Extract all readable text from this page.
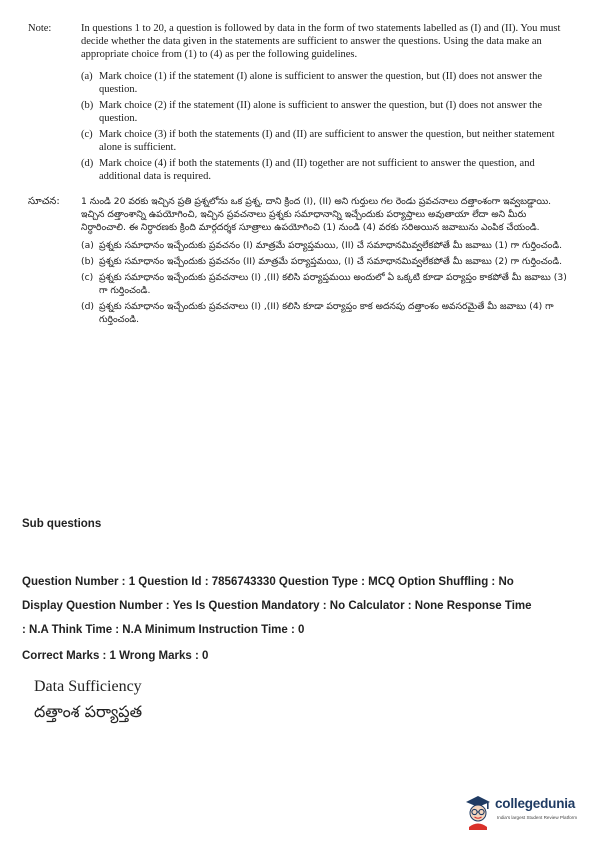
Note:	In questions 1 to 20, a question is followed by data in the form of two statements labelled as (I) and (II). You must decide whether the data given in the statements are sufficient to answer the questions. Using the data make an appropriate choice from (1) to (4) as per the following guidelines.

(a) Mark choice (1) if the statement (I) alone is sufficient to answer the question, but (II) does not answer the question.
(b) Mark choice (2) if the statement (II) alone is sufficient to answer the question, but (I) does not answer the question.
(c) Mark choice (3) if both the statements (I) and (II) are sufficient to answer the question, but neither statement alone is sufficient.
(d) Mark choice (4) if both the statements (I) and (II) together are not sufficient to answer the question, and additional data is required.
సూచన:	1 నుండి 20 వరకు ఇచ్చిన ప్రతి ప్రశ్నలోను ఒక ప్రశ్న, దాని క్రింద (I), (II) అని గుర్తులు గల రెండు ప్రవచనాలు దత్తాంశంగా ఇవ్వబడ్డాయి. ఇచ్చిన దత్తాంశాన్ని ఉపయోగించి, ఇచ్చిన ప్రవచనాలు ప్రశ్నకు సమాధానాన్ని ఇచ్చేందుకు పర్యాప్తాలు అవుతాయా లేదా అని మీరు నిర్ధారించాలి. ఈ నిర్ధారణకు క్రింది మార్గదర్శక సూత్రాలు ఉపయోగించి (1) నుండి (4) వరకు సరిఅయిన జవాబును ఎంపిక చేయండి.

(a) ప్రశ్నకు సమాధానం ఇచ్చేందుకు ప్రవచనం (I) మాత్రమే పర్యాప్తమయి, (II) చే సమాధానమివ్వలేకపోతే మీ జవాబు (1) గా గుర్తించండి.
(b) ప్రశ్నకు సమాధానం ఇచ్చేందుకు ప్రవచనం (II) మాత్రమే పర్యాప్తమయి, (I) చే సమాధానమివ్వలేకపోతే మీ జవాబు (2) గా గుర్తించండి.
(c) ప్రశ్నకు సమాధానం ఇచ్చేందుకు ప్రవచనాలు (I) ,(II) కలిసి పర్యాప్తమయి అందులో ఏ ఒక్కటి కూడా పర్యాప్తం కాకపోతే మీ జవాబు (3) గా గుర్తించండి.
(d) ప్రశ్నకు సమాధానం ఇచ్చేందుకు ప్రవచనాలు (I) ,(II) కలిసి కూడా పర్యాప్తం కాక అదనపు దత్తాంశం అవసరమైతే మీ జవాబు (4) గా గుర్తించండి.
Sub questions
Question Number : 1 Question Id : 7856743330 Question Type : MCQ Option Shuffling : No
Display Question Number : Yes Is Question Mandatory : No Calculator : None Response Time
: N.A Think Time : N.A Minimum Instruction Time : 0
Correct Marks : 1 Wrong Marks : 0
Data Sufficiency
దత్తాంశ పర్యాప్తత
collegedunia
India's largest Student Review Platform
